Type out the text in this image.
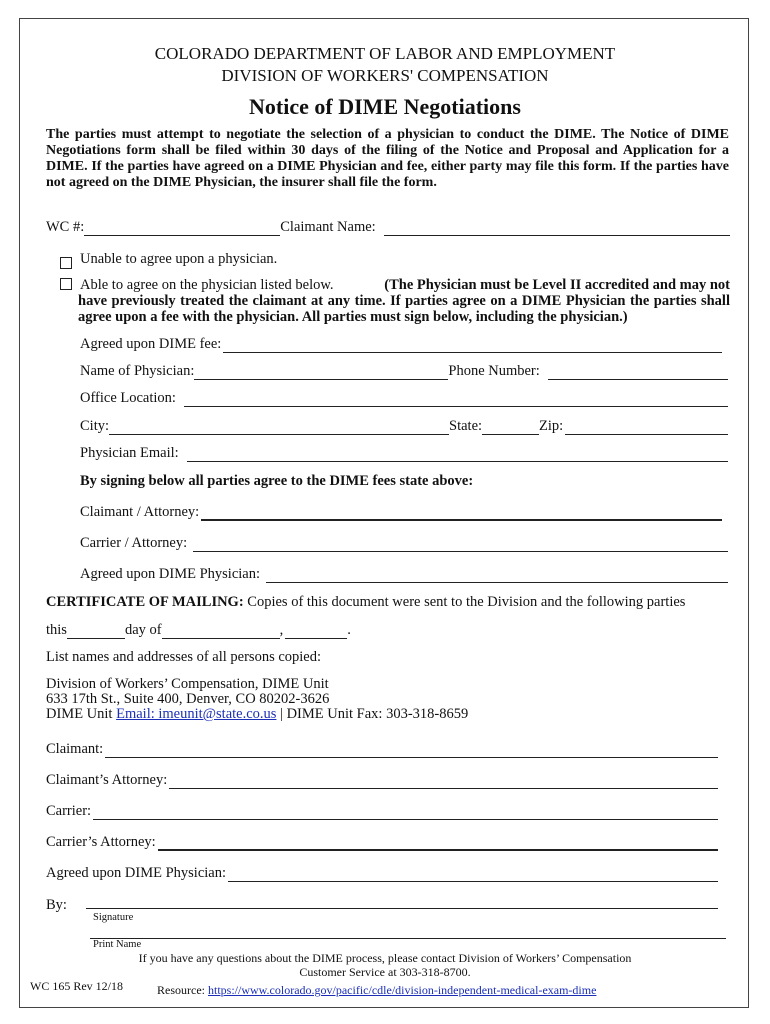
COLORADO DEPARTMENT OF LABOR AND EMPLOYMENT
DIVISION OF WORKERS' COMPENSATION
Notice of DIME Negotiations
The parties must attempt to negotiate the selection of a physician to conduct the DIME. The Notice of DIME Negotiations form shall be filed within 30 days of the filing of the Notice and Proposal and Application for a DIME. If the parties have agreed on a DIME Physician and fee, either party may file this form. If the parties have not agreed on the DIME Physician, the insurer shall file the form.
WC #:	Claimant Name:
Unable to agree upon a physician.
Able to agree on the physician listed below.	(The Physician must be Level II accredited and may not
have previously treated the claimant at any time. If parties agree on a DIME Physician the parties shall agree upon a fee with the physician. All parties must sign below, including the physician.)
Agreed upon DIME fee:
Name of Physician:	Phone Number:
Office Location:
City:	State:	Zip:
Physician Email:
By signing below all parties agree to the DIME fees state above:
Claimant / Attorney:
Carrier / Attorney:
Agreed upon DIME Physician:
CERTIFICATE OF MAILING:
Copies of this document were sent to the Division and the following parties
this	day of	,	.
List names and addresses of all persons copied:
Division of Workers’ Compensation, DIME Unit
633 17th St., Suite 400, Denver, CO 80202-3626
DIME Unit Email: imeunit@state.co.us | DIME Unit Fax: 303-318-8659
Claimant:
Claimant’s Attorney:
Carrier:
Carrier’s Attorney:
Agreed upon DIME Physician:
By:
Signature
Print Name
If you have any questions about the DIME process, please contact Division of Workers’ Compensation
Customer Service at 303-318-8700.
WC 165 Rev 12/18	Resource: https://www.colorado.gov/pacific/cdle/division-independent-medical-exam-dime
